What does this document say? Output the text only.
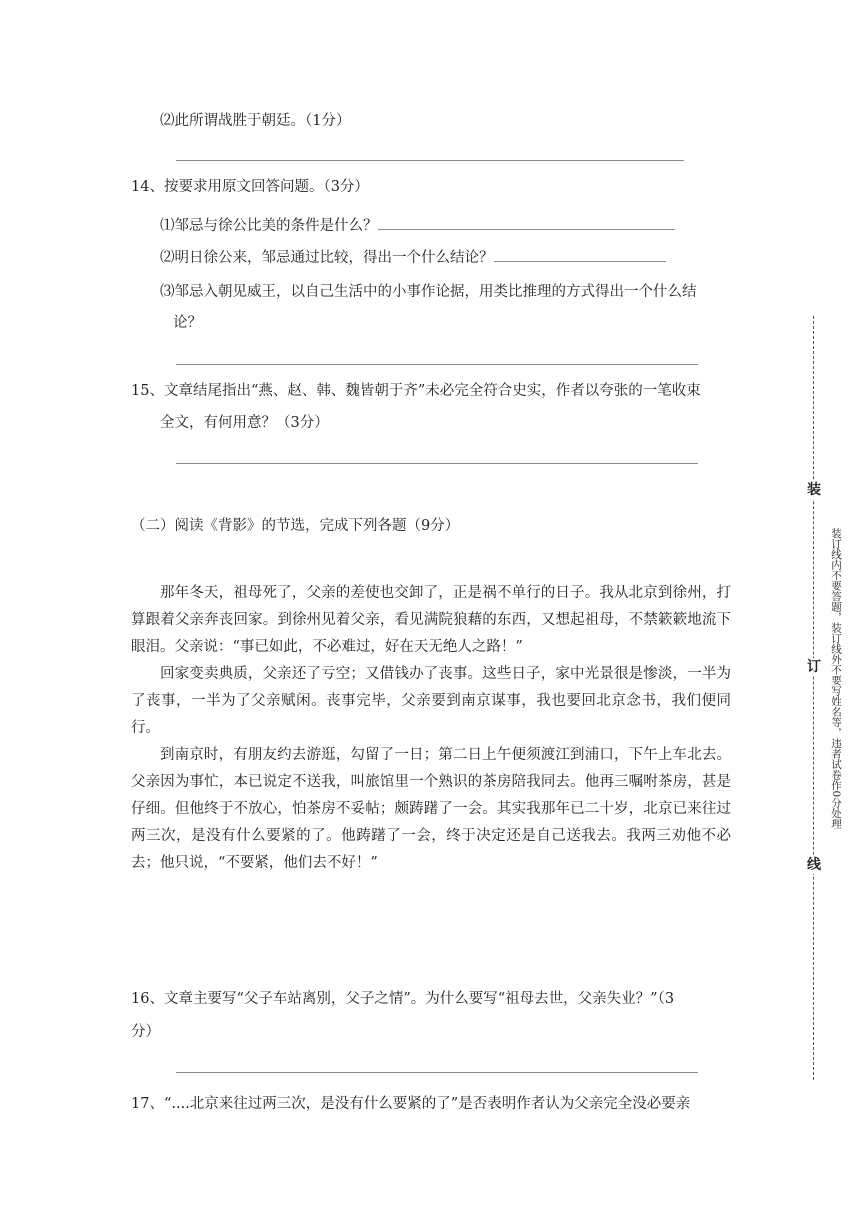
⑵此所谓战胜于朝廷。（1分）
14、按要求用原文回答问题。（3分）
⑴邹忌与徐公比美的条件是什么？
⑵明日徐公来，邹忌通过比较，得出一个什么结论？
⑶邹忌入朝见威王，以自己生活中的小事作论据，用类比推理的方式得出一个什么结
论？
15、文章结尾指出“燕、赵、韩、魏皆朝于齐”未必完全符合史实，作者以夸张的一笔收束
全文，有何用意？（3分）
（二）阅读《背影》的节选，完成下列各题（9分）

那年冬天，祖母死了，父亲的差使也交卸了，正是祸不单行的日子。我从北京到徐州，打算跟着父亲奔丧回家。到徐州见着父亲，看见满院狼藉的东西，又想起祖母，不禁簌簌地流下眼泪。父亲说：“事已如此，不必难过，好在天无绝人之路！”

回家变卖典质，父亲还了亏空；又借钱办了丧事。这些日子，家中光景很是惨淡，一半为了丧事，一半为了父亲赋闲。丧事完毕，父亲要到南京谋事，我也要回北京念书，我们便同行。

到南京时，有朋友约去游逛，勾留了一日；第二日上午便须渡江到浦口，下午上车北去。父亲因为事忙，本已说定不送我，叫旅馆里一个熟识的茶房陪我同去。他再三嘱咐茶房，甚是仔细。但他终于不放心，怕茶房不妥帖；颇踌躇了一会。其实我那年已二十岁，北京已来往过两三次，是没有什么要紧的了。他踌躇了一会，终于决定还是自己送我去。我两三劝他不必去；他只说，“不要紧，他们去不好！”

16、文章主要写“父子车站离别，父子之情”。为什么要写“祖母去世，父亲失业？”（3
分）
17、“....北京来往过两三次，是没有什么要紧的了”是否表明作者认为父亲完全没必要亲
装
订
线
装订线内不要答题，装订线外不要写姓名等，违者试卷作0分处理
